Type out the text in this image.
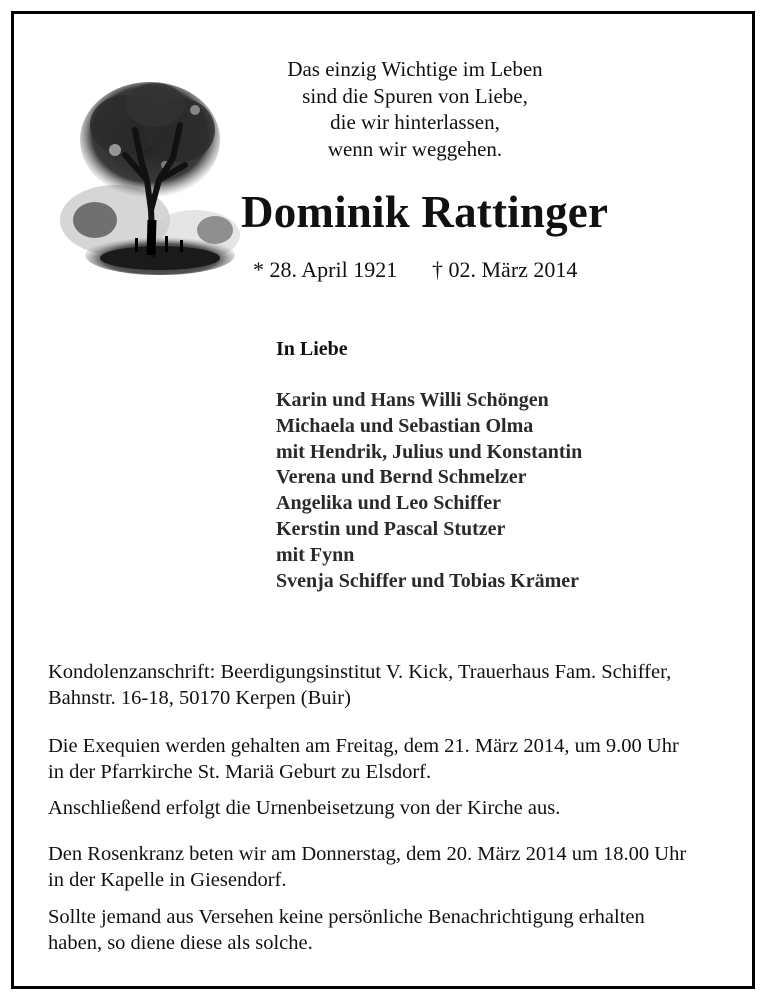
Das einzig Wichtige im Leben
sind die Spuren von Liebe,
die wir hinterlassen,
wenn wir weggehen.
Dominik Rattinger
* 28. April 1921 † 02. März 2014
In Liebe
Karin und Hans Willi Schöngen
Michaela und Sebastian Olma
mit Hendrik, Julius und Konstantin
Verena und Bernd Schmelzer
Angelika und Leo Schiffer
Kerstin und Pascal Stutzer
mit Fynn
Svenja Schiffer und Tobias Krämer
Kondolenzanschrift: Beerdigungsinstitut V. Kick, Trauerhaus Fam. Schiffer,
Bahnstr. 16-18, 50170 Kerpen (Buir)
Die Exequien werden gehalten am Freitag, dem 21. März 2014, um 9.00 Uhr
in der Pfarrkirche St. Mariä Geburt zu Elsdorf.
Anschließend erfolgt die Urnenbeisetzung von der Kirche aus.
Den Rosenkranz beten wir am Donnerstag, dem 20. März 2014 um 18.00 Uhr
in der Kapelle in Giesendorf.
Sollte jemand aus Versehen keine persönliche Benachrichtigung erhalten
haben, so diene diese als solche.
